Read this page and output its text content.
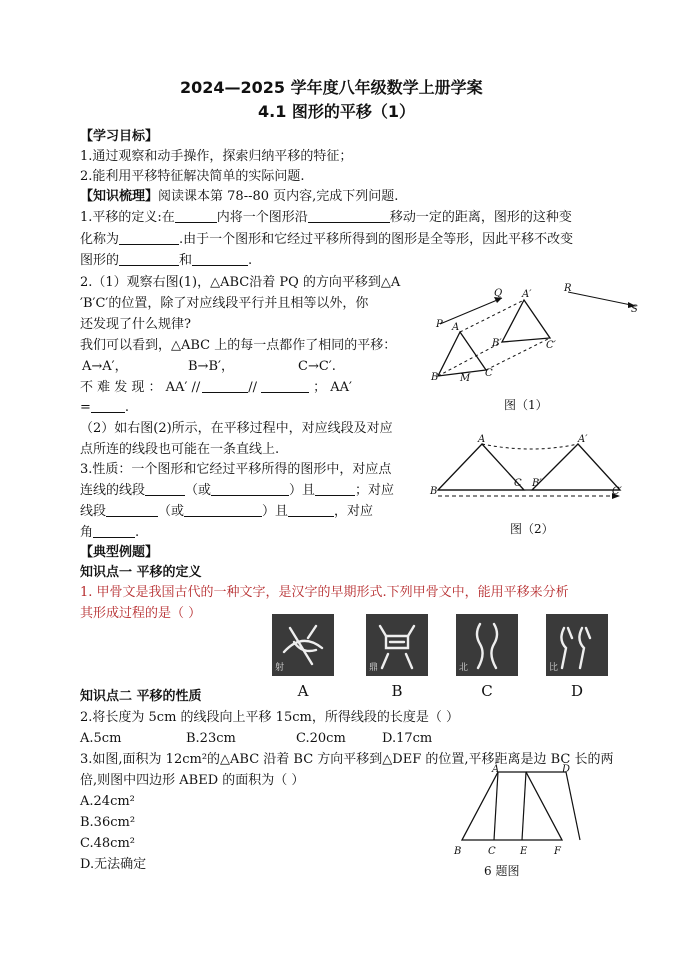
2024—2025 学年度八年级数学上册学案
4.1 图形的平移（1）
【学习目标】
1.通过观察和动手操作，探索归纳平移的特征；
2.能利用平移特征解决简单的实际问题.
【知识梳理】阅读课本第 78--80 页内容,完成下列问题.
1.平移的定义:在	内将一个图形沿	移动一定的距离，图形的这种变
化称为	.由于一个图形和它经过平移所得到的图形是全等形，因此平移不改变
图形的	和	.
2.（1）观察右图(1)，△ABC沿着 PQ 的方向平移到△A
′B′C′的位置，除了对应线段平行并且相等以外，你
还发现了什么规律?
我们可以看到，△ABC 上的每一点都作了相同的平移：
A→A′，	B→B′，	C→C′.
不 难 发 现 ： AA′ //	//	； AA′
=	.
（2）如右图(2)所示，在平移过程中，对应线段及对应
点所连的线段也可能在一条直线上.
3.性质：一个图形和它经过平移所得的图形中，对应点
连线的线段	（或	）且	；对应
线段	（或	）且	，对应
角	.
P
Q	R
S
A
B	C
M
A′
B′	C′
图（1）
A
B
C
A′
B′
C′
图（2）
【典型例题】
知识点一 平移的定义
1. 甲骨文是我国古代的一种文字，是汉字的早期形式.下列甲骨文中，能用平移来分析
其形成过程的是（ ）
射	鼎	北	比
A	B	C	D
知识点二 平移的性质
2.将长度为 5cm 的线段向上平移 15cm，所得线段的长度是（ ）
A.5cm	B.23cm	C.20cm	D.17cm
3.如图,面积为 12cm²的△ABC 沿着 BC 方向平移到△DEF 的位置,平移距离是边 BC 长的两
倍,则图中四边形 ABED 的面积为（ ）
A.24cm²
B.36cm²
C.48cm²
D.无法确定
A
B	C
D
E	F
6 题图
